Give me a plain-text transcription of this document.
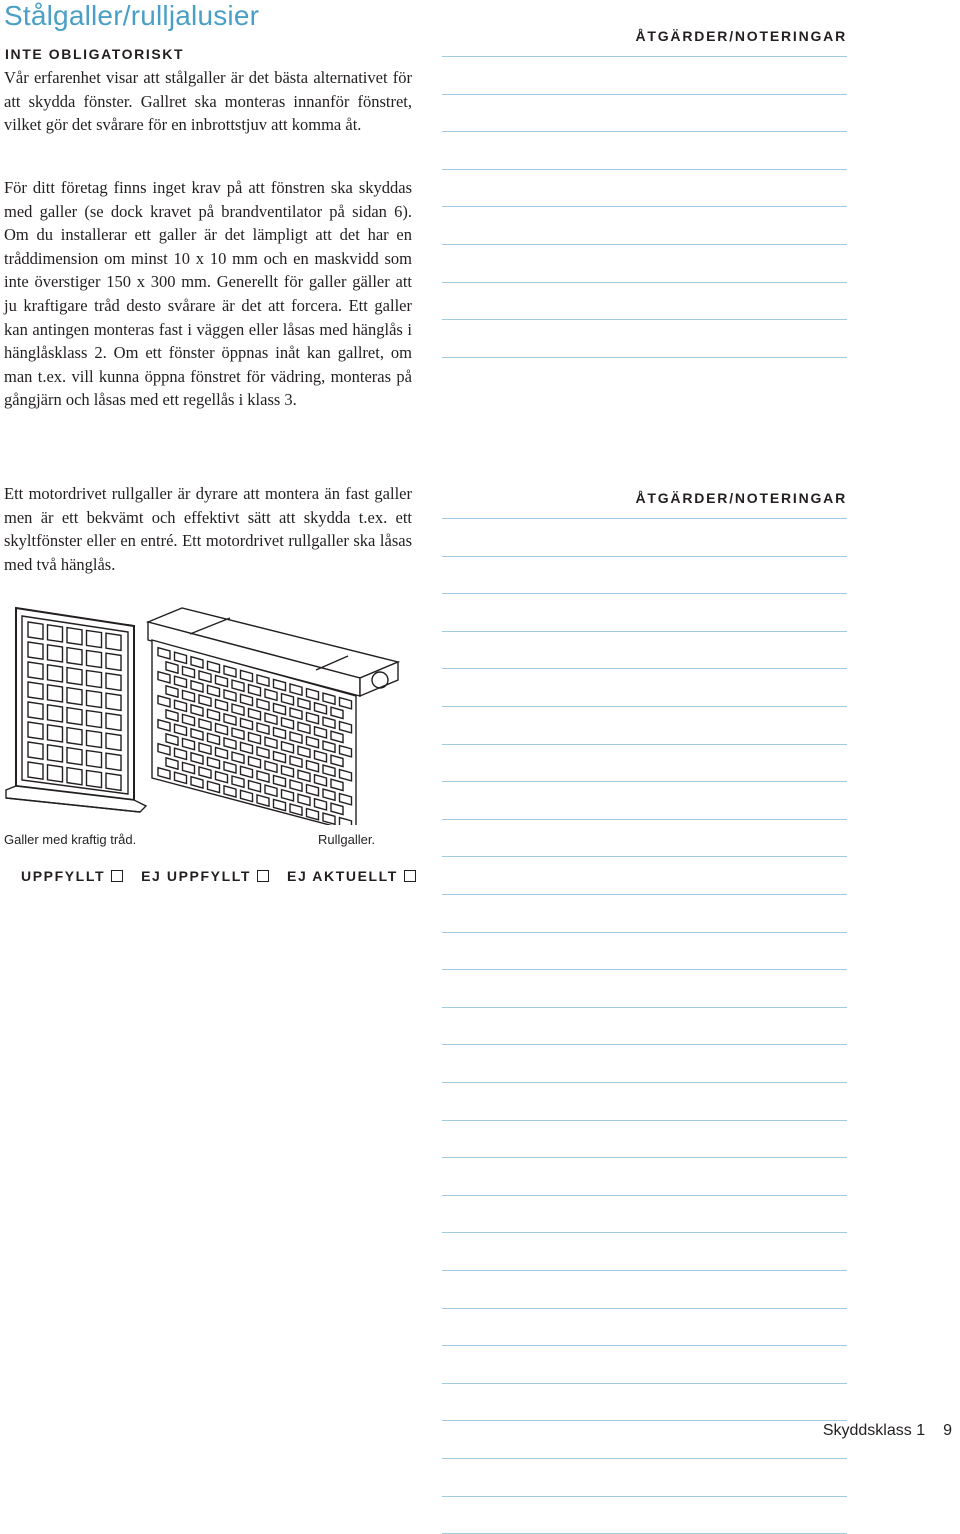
Stålgaller/rulljalusier
INTE OBLIGATORISKT

Vår erfarenhet visar att stålgaller är det bästa alternativet för att skydda fönster. Gallret ska monteras innanför fönstret, vilket gör det svårare för en inbrottstjuv att komma åt.

För ditt företag finns inget krav på att fönstren ska skyddas med galler (se dock kravet på brandventilator på sidan 6). Om du installerar ett galler är det lämpligt att det har en tråddimension om minst 10 x 10 mm och en maskvidd som inte överstiger 150 x 300 mm. Generellt för galler gäller att ju kraftigare tråd desto svårare är det att forcera. Ett galler kan antingen monteras fast i väggen eller låsas med hänglås i hänglåsklass 2. Om ett fönster öppnas inåt kan gallret, om man t.ex. vill kunna öppna fönstret för vädring, monteras på gångjärn och låsas med ett regellås i klass 3.

Ett motordrivet rullgaller är dyrare att montera än fast galler men är ett bekvämt och effektivt sätt att skydda t.ex. ett skyltfönster eller en entré. Ett motordrivet rullgaller ska låsas med två hänglås.

ÅTGÄRDER/NOTERINGAR
ÅTGÄRDER/NOTERINGAR
Galler med kraftig tråd.	Rullgaller.
UPPFYLLT	EJ UPPFYLLT	EJ AKTUELLT
Skyddsklass 1 9
